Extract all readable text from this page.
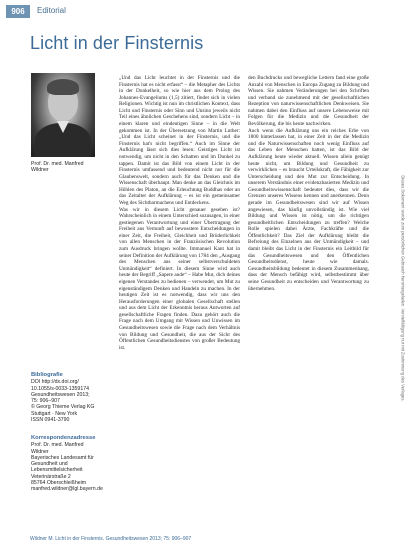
906	Editorial
Licht in der Finsternis
Prof. Dr. med. Manfred
Wildner
Bibliografie
DOI http://dx.doi.org/
10.1055/s-0033-1359174
Gesundheitswesen 2013;
75: 906–907
© Georg Thieme Verlag KG
Stuttgart · New York
ISSN 0941-3790
Korrespondenzadresse
Prof. Dr. med. Manfred
Wildner
Bayerisches Landesamt für
Gesundheit und
Lebensmittelsicherheit
Veterinärstraße 2
85764 Oberschleißheim
manfred.wildner@lgl.bayern.de

„Und das Licht leuchtet in der Finsternis und die Finsternis hat es nicht erfasst“ – die Metapher des Lichts in der Dunkelheit, so wie hier aus dem Prolog des Johannes-Evangeliums (1,5) zitiert, findet sich in vielen Religionen. Wichtig ist nun im christlichen Kontext, dass Licht und Finsternis oder Sinn und Unsinn jeweils nicht Teil eines ähnlichen Geschehens sind, sondern Licht – in einem klaren und eindeutigen Sinne – in die Welt gekommen ist. In der Übersetzung von Martin Luther: „Und das Licht scheinet in der Finsternis, und die Finsternis hat's nicht begriffen.“ Auch im Sinne der Aufklärung lässt sich dies lesen: Geistiges Licht ist notwendig, um nicht in den Schatten und im Dunkel zu tappen. Damit ist das Bild von einem Licht in der Finsternis umfassend und bedeutend nicht nur für die Glaubenswelt, sondern auch für das Denken und die Wissenschaft überhaupt. Man denke an das Gleichnis im Höhlen des Platon, an die Erleuchtung Buddhas oder an das Zeitalter der Aufklärung – es ist ein gemeinsamer Weg des Sichtbarmachens und Entdeckens.

Was wir in diesem Licht genauer gesehen ist? Wahrscheinlich in einem Unterschied sozusagen, in einer gestiegenen Verantwortung und einer Übertragung der Freiheit aus Vernunft auf bewusstere Entscheidungen in einer Zeit, die Freiheit, Gleichheit und Brüderlichkeit von allen Menschen in der Französischen Revolution zum Ausdruck bringen wollte. Immanuel Kant hat in seiner Definition der Aufklärung von 1784 den „Ausgang des Menschen aus seiner selbstverschuldeten Unmündigkeit“ definiert. In diesem Sinne wird auch heute der Begriff „Sapere aude“ – Habe Mut, dich deines eigenen Verstandes zu bedienen – verwendet, um Mut zu eigenständigem Denken und Handeln zu machen. In der heutigen Zeit ist es notwendig, dass wir uns den Herausforderungen einer globalen Gesellschaft stellen und aus dem Licht der Erkenntnis heraus Antworten auf gesellschaftliche Fragen finden. Dazu gehört auch die Frage nach dem Umgang mit Wissen und Unwissen im Gesundheitswesen sowie die Frage nach dem Verhältnis von Bildung und Gesundheit, die aus der Sicht des Öffentlichen Gesundheitsdienstes von großer Bedeutung ist.

den Buchdrucks und bewegliche Lettern fand eine große Anzahl von Menschen in Europa Zugang zu Bildung und Wissen. Sie nahmen Veränderungen bei den Schriften und verband sie zunehmend mit der gesellschaftlichen Rezeption von naturwissenschaftlichen Denkweisen. Sie nahmen dabei den Einfluss auf unsere Lebensweise mit Folgen für die Medizin und die Gesundheit der Bevölkerung, die bis heute nachwirken.

Auch wenn die Aufklärung uns ein reiches Erbe von 1800 hinterlassen hat, in einer Zeit in der die Medizin und die Naturwissenschaften noch wenig Einfluss auf das Leben der Menschen hatten, ist das Bild der Aufklärung heute wieder aktuell. Wissen allein genügt heute nicht, um Bildung und Gesundheit zu verwirklichen – es braucht Urteilskraft, die Fähigkeit zur Unterscheidung und den Mut zur Entscheidung. In unserem Verständnis einer evidenzbasierten Medizin und Gesundheitswissenschaft bedeutet dies, dass wir die Grenzen unseres Wissens kennen und anerkennen. Denn gerade im Gesundheitswesen sind wir auf Wissen angewiesen, das häufig unvollständig ist. Wie viel Bildung und Wissen ist nötig, um die richtigen gesundheitlichen Entscheidungen zu treffen? Welche Rolle spielen dabei Ärzte, Fachkräfte und die Öffentlichkeit? Das Ziel der Aufklärung bleibt die Befreiung des Einzelnen aus der Unmündigkeit – und damit bleibt das Licht in der Finsternis ein Leitbild für das Gesundheitswesen und den Öffentlichen Gesundheitsdienst, heute wie damals. Gesundheitsbildung bedeutet in diesem Zusammenhang, dass der Mensch befähigt wird, selbstbestimmt über seine Gesundheit zu entscheiden und Verantwortung zu übernehmen.

Wildner M. Licht in der Finsternis. Gesundheitswesen 2013; 75: 906–907
Dieses Dokument wurde zum persönlichen Gebrauch heruntergeladen. Vervielfältigung nur mit Zustimmung des Verlages.
